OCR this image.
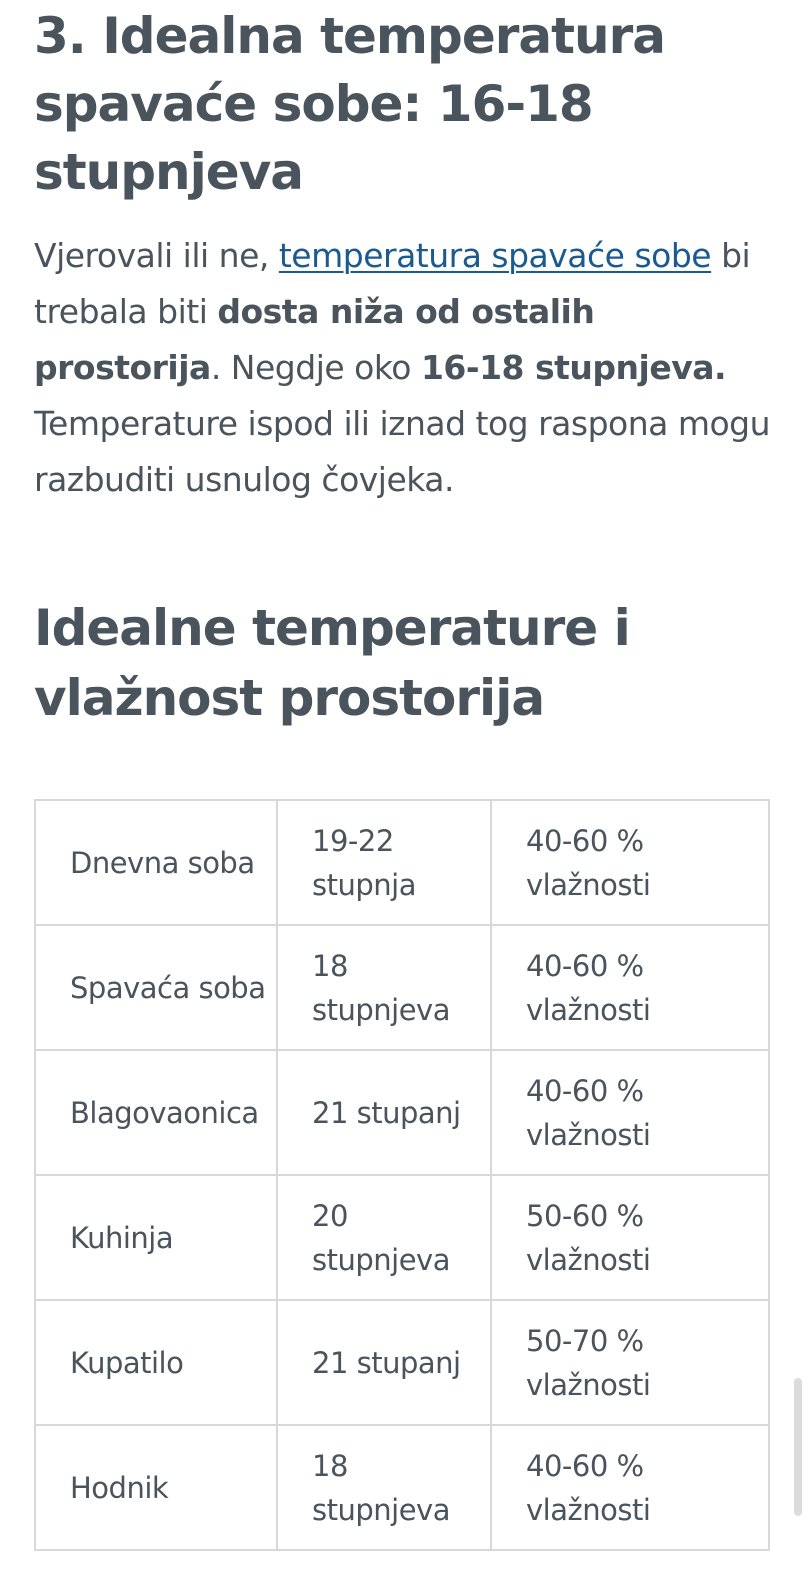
3. Idealna temperatura spavaće sobe: 16-18 stupnjeva

Vjerovali ili ne, temperatura spavaće sobe bi trebala biti dosta niža od ostalih prostorija. Negdje oko 16-18 stupnjeva. Temperature ispod ili iznad tog raspona mogu razbuditi usnulog čovjeka.

Idealne temperature i vlažnost prostorija
Dnevna soba	19-22 stupnja	40-60 % vlažnosti
Spavaća soba	18 stupnjeva	40-60 % vlažnosti
Blagovaonica	21 stupanj	40-60 % vlažnosti
Kuhinja	20 stupnjeva	50-60 % vlažnosti
Kupatilo	21 stupanj	50-70 % vlažnosti
Hodnik	18 stupnjeva	40-60 % vlažnosti
